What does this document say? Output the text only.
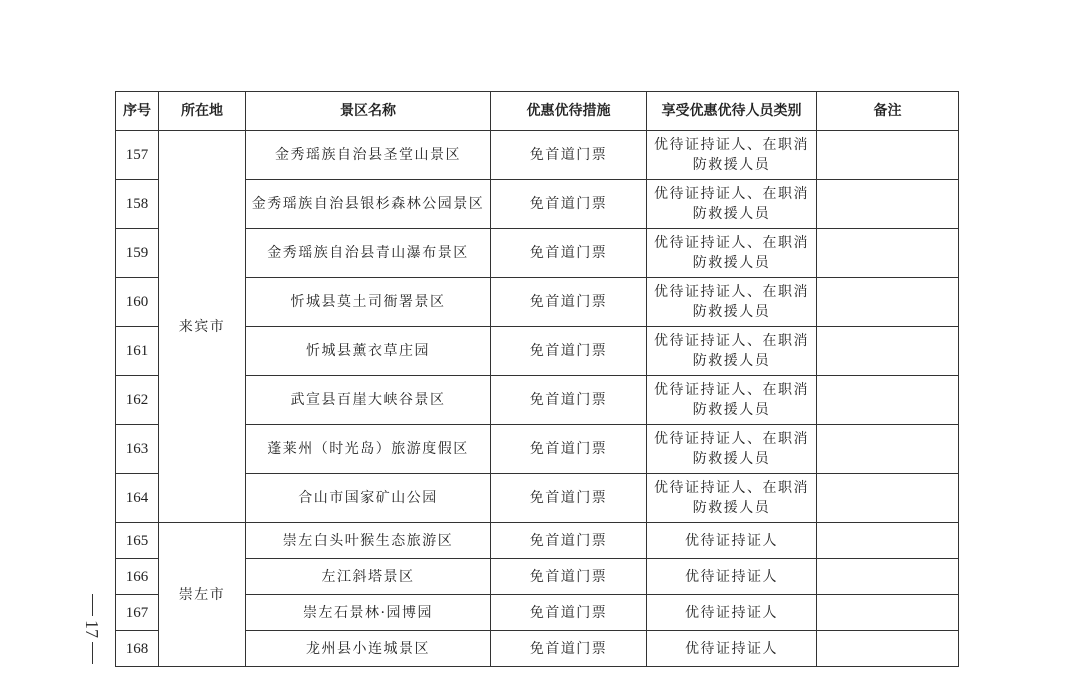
序号	所在地	景区名称	优惠优待措施	享受优惠优待人员类别	备注
157	来宾市	金秀瑶族自治县圣堂山景区	免首道门票	优待证持证人、在职消防救援人员	
158		金秀瑶族自治县银杉森林公园景区	免首道门票	优待证持证人、在职消防救援人员	
159		金秀瑶族自治县青山瀑布景区	免首道门票	优待证持证人、在职消防救援人员	
160		忻城县莫土司衙署景区	免首道门票	优待证持证人、在职消防救援人员	
161		忻城县薰衣草庄园	免首道门票	优待证持证人、在职消防救援人员	
162		武宣县百崖大峡谷景区	免首道门票	优待证持证人、在职消防救援人员	
163		蓬莱州（时光岛）旅游度假区	免首道门票	优待证持证人、在职消防救援人员	
164		合山市国家矿山公园	免首道门票	优待证持证人、在职消防救援人员	
165	崇左市	崇左白头叶猴生态旅游区	免首道门票	优待证持证人	
166		左江斜塔景区	免首道门票	优待证持证人	
167		崇左石景林·园博园	免首道门票	优待证持证人	
168		龙州县小连城景区	免首道门票	优待证持证人	
17
